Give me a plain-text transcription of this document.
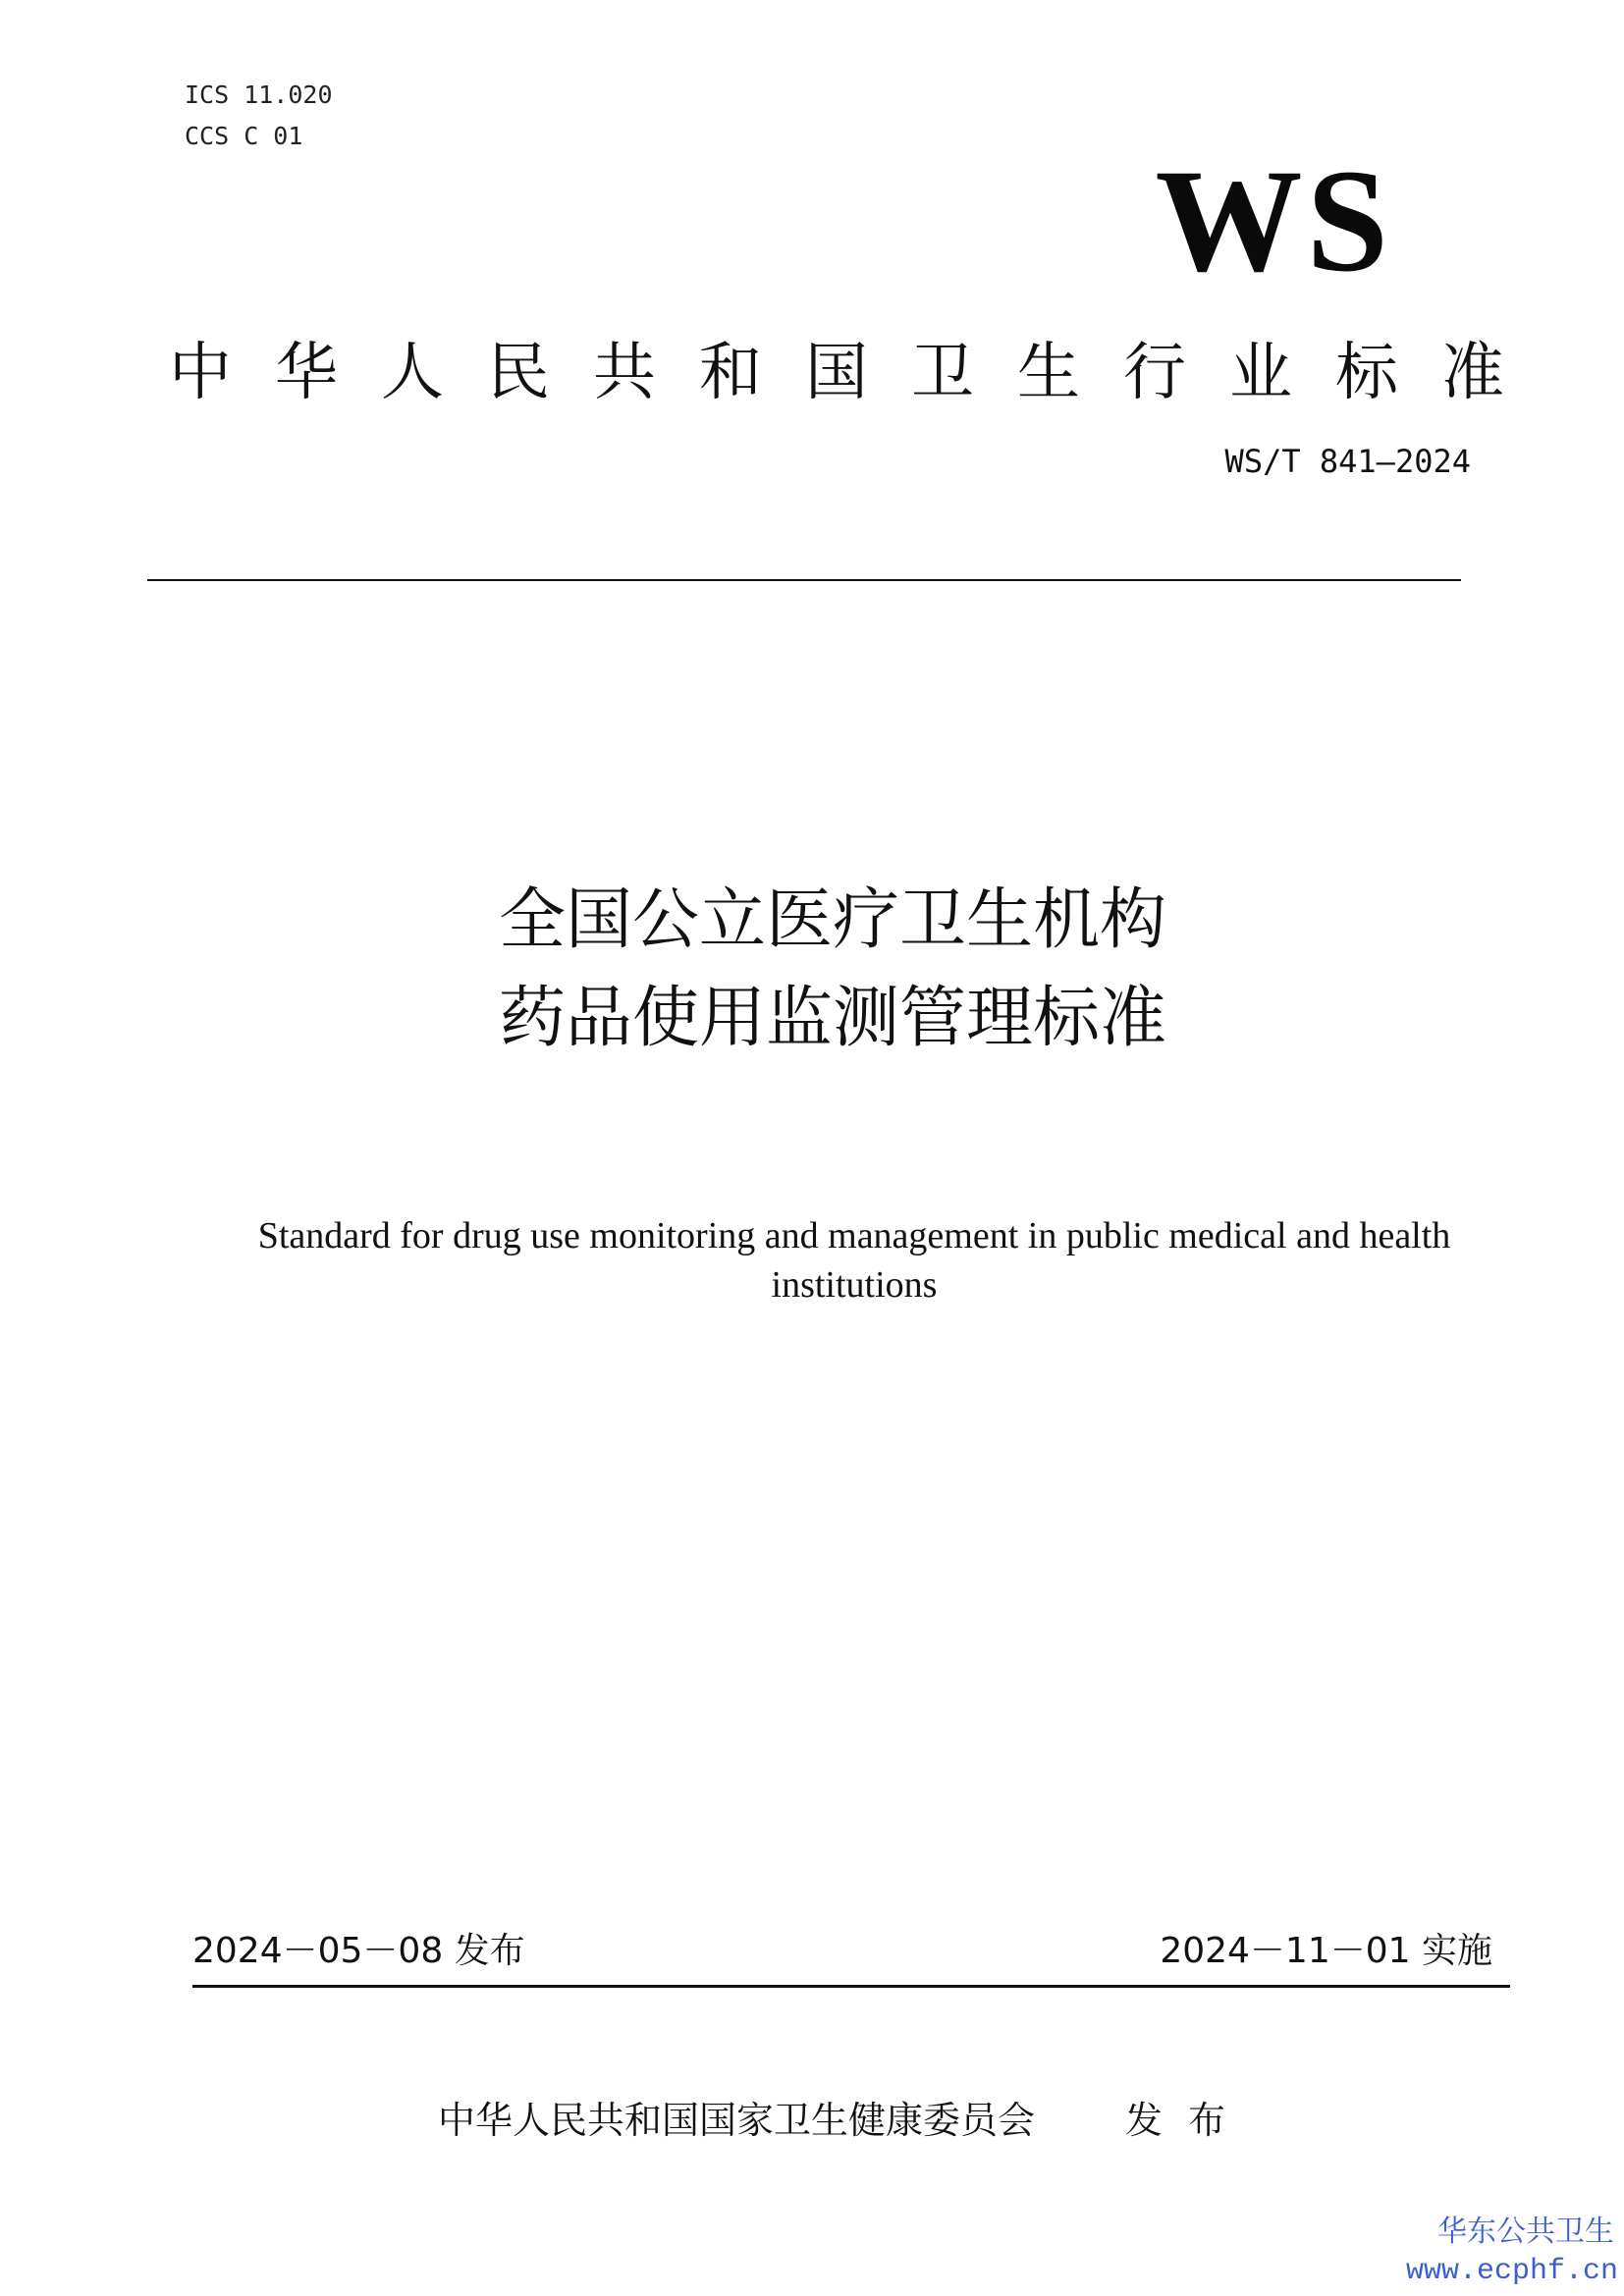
ICS 11.020
CCS C 01
WS
中华人民共和国卫生行业标准
WS/T 841—2024
全国公立医疗卫生机构
药品使用监测管理标准
Standard for drug use monitoring and management in public medical and health institutions
2024－05－08 发布	2024－11－01 实施
中华人民共和国国家卫生健康委员会 发布
华东公共卫生
www.ecphf.cn
